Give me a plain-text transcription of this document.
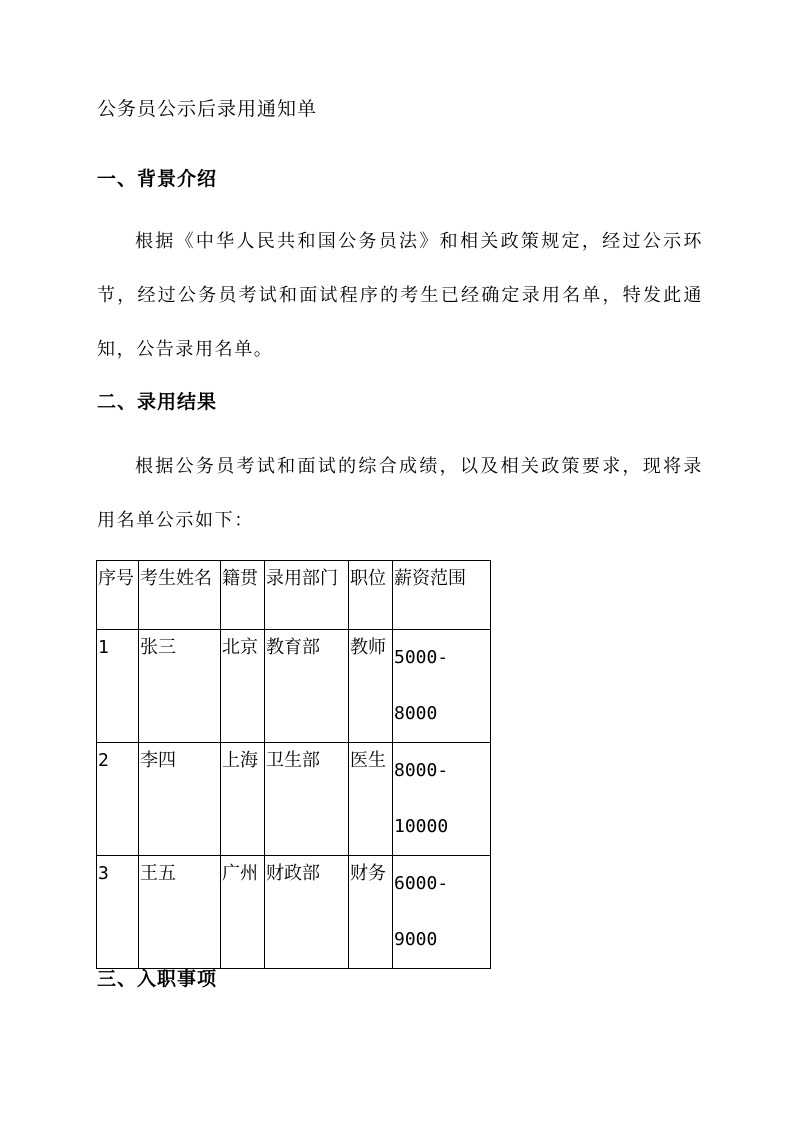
公务员公示后录用通知单
一、背景介绍

根据《中华人民共和国公务员法》和相关政策规定，经过公示环节，经过公务员考试和面试程序的考生已经确定录用名单，特发此通知，公告录用名单。

二、录用结果

根据公务员考试和面试的综合成绩，以及相关政策要求，现将录用名单公示如下：

序号	考生姓名	籍贯	录用部门	职位	薪资范围
1	张三	北京	教育部	教师	5000-
8000

2	李四	上海	卫生部	医生	8000-
10000

3	王五	广州	财政部	财务	6000-
9000
三、入职事项
